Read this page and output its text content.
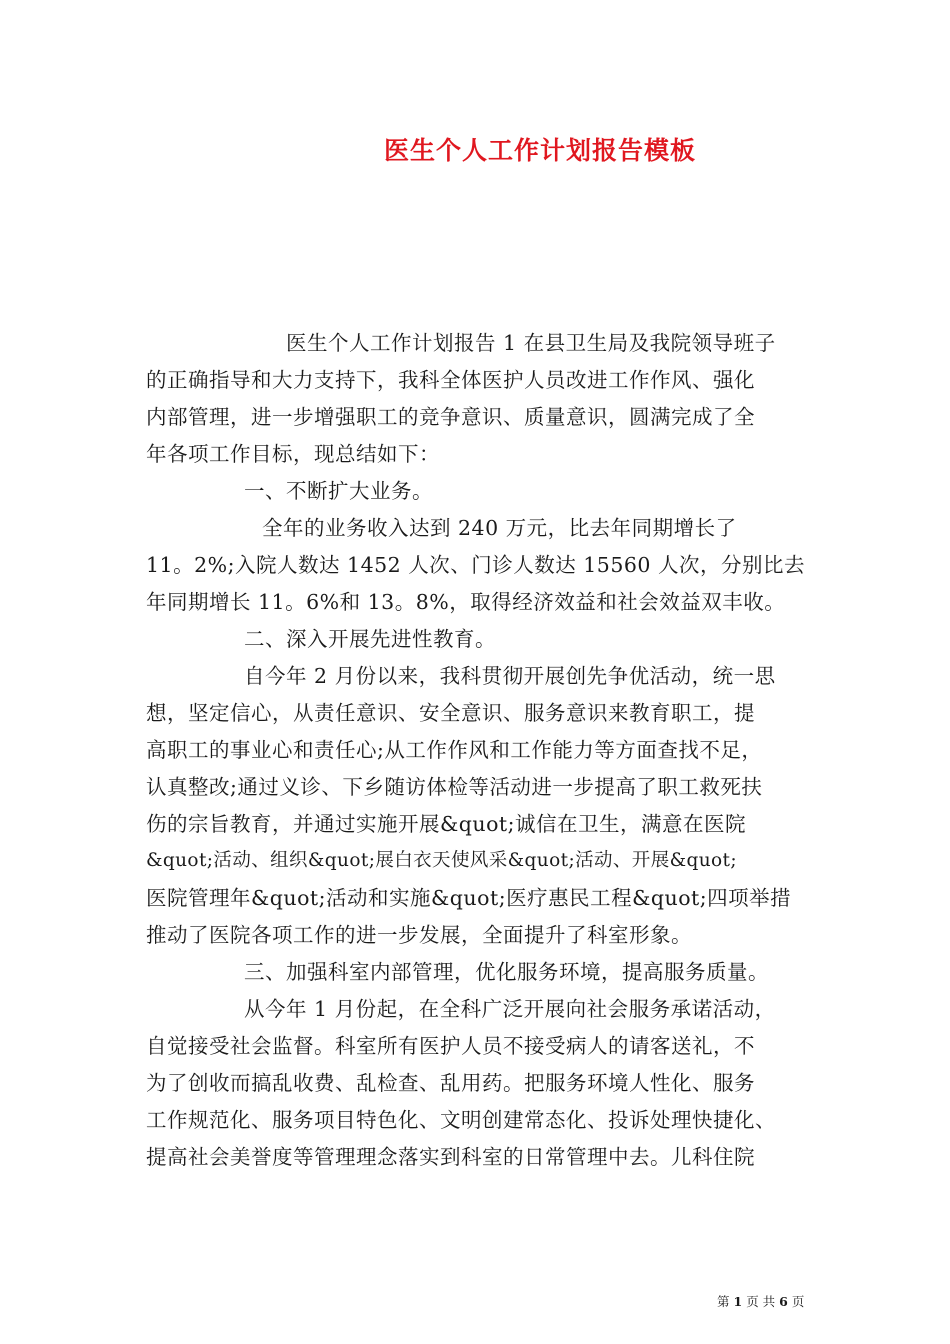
医生个人工作计划报告模板
医生个人工作计划报告 1 在县卫生局及我院领导班子
的正确指导和大力支持下，我科全体医护人员改进工作作风、强化
内部管理，进一步增强职工的竞争意识、质量意识，圆满完成了全
年各项工作目标，现总结如下：
一、不断扩大业务。
全年的业务收入达到 240 万元，比去年同期增长了
11。2%;入院人数达 1452 人次、门诊人数达 15560 人次，分别比去
年同期增长 11。6%和 13。8%，取得经济效益和社会效益双丰收。
二、深入开展先进性教育。
自今年 2 月份以来，我科贯彻开展创先争优活动，统一思
想，坚定信心，从责任意识、安全意识、服务意识来教育职工，提
高职工的事业心和责任心;从工作作风和工作能力等方面查找不足，
认真整改;通过义诊、下乡随访体检等活动进一步提高了职工救死扶
伤的宗旨教育，并通过实施开展&quot;诚信在卫生，满意在医院
&quot;活动、组织&quot;展白衣天使风采&quot;活动、开展&quot;
医院管理年&quot;活动和实施&quot;医疗惠民工程&quot;四项举措
推动了医院各项工作的进一步发展，全面提升了科室形象。
三、加强科室内部管理，优化服务环境，提高服务质量。
从今年 1 月份起，在全科广泛开展向社会服务承诺活动，
自觉接受社会监督。科室所有医护人员不接受病人的请客送礼，不
为了创收而搞乱收费、乱检查、乱用药。把服务环境人性化、服务
工作规范化、服务项目特色化、文明创建常态化、投诉处理快捷化、
提高社会美誉度等管理理念落实到科室的日常管理中去。儿科住院
第 1 页 共 6 页
